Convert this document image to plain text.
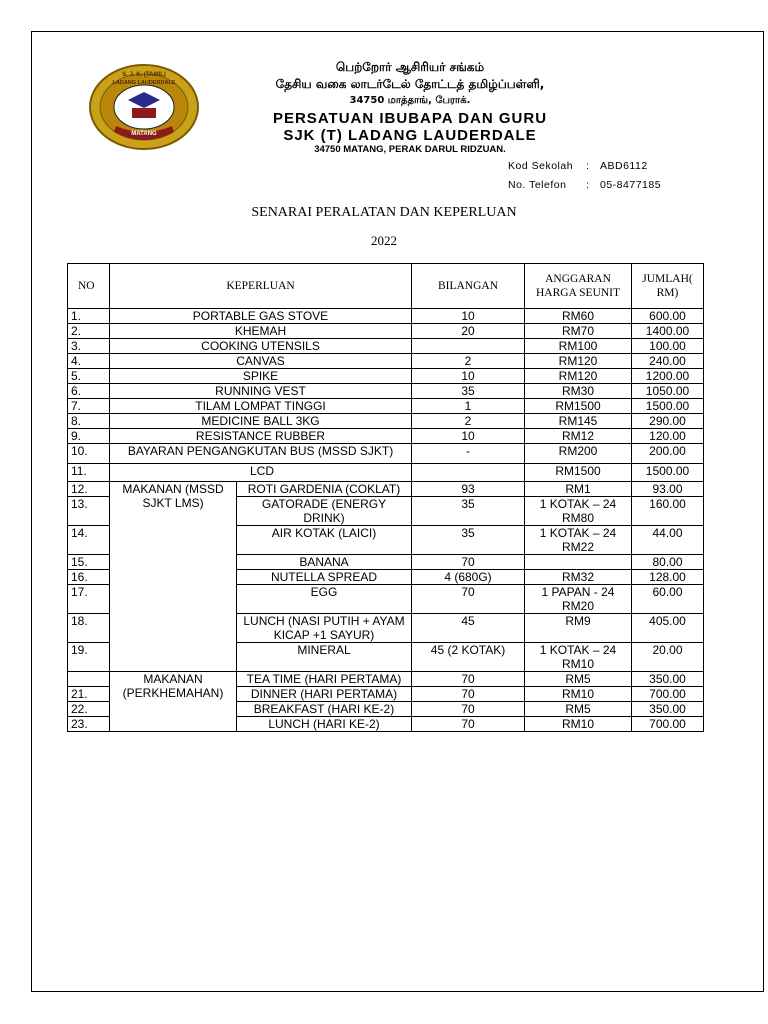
MATANG
S. J. K. (TAMIL)
LADANG LAUDERDALE
பெற்றோர் ஆசிரியர் சங்கம்
தேசிய வகை லாடர்டேல் தோட்டத் தமிழ்ப்பள்ளி,
34750 மாத்தாங், பேராக்.
PERSATUAN IBUBAPA DAN GURU
SJK (T) LADANG LAUDERDALE
34750 MATANG, PERAK DARUL RIDZUAN.
Kod Sekolah : ABD6112
No. Telefon : 05-8477185
SENARAI PERALATAN DAN KEPERLUAN
2022
NO	KEPERLUAN		BILANGAN	ANGGARAN HARGA SEUNIT	JUMLAH( RM)
1.	PORTABLE GAS STOVE		10	RM60	600.00
2.	KHEMAH		20	RM70	1400.00
3.	COOKING UTENSILS			RM100	100.00
4.	CANVAS		2	RM120	240.00
5.	SPIKE		10	RM120	1200.00
6.	RUNNING VEST		35	RM30	1050.00
7.	TILAM LOMPAT TINGGI		1	RM1500	1500.00
8.	MEDICINE BALL 3KG		2	RM145	290.00
9.	RESISTANCE RUBBER		10	RM12	120.00
10.	BAYARAN PENGANGKUTAN BUS (MSSD SJKT)		-	RM200	200.00
11.	LCD			RM1500	1500.00
12.	MAKANAN (MSSD SJKT LMS)	ROTI GARDENIA (COKLAT)	93	RM1	93.00
13.		GATORADE (ENERGY DRINK)	35	1 KOTAK – 24 RM80	160.00
14.		AIR KOTAK (LAICI)	35	1 KOTAK – 24 RM22	44.00
15.		BANANA	70		80.00
16.		NUTELLA SPREAD	4 (680G)	RM32	128.00
17.		EGG	70	1 PAPAN - 24 RM20	60.00
18.		LUNCH (NASI PUTIH + AYAM KICAP +1 SAYUR)	45	RM9	405.00
19.		MINERAL	45 (2 KOTAK)	1 KOTAK – 24 RM10	20.00
	MAKANAN (PERKHEMAHAN)	TEA TIME (HARI PERTAMA)	70	RM5	350.00
21.		DINNER (HARI PERTAMA)	70	RM10	700.00
22.		BREAKFAST (HARI KE-2)	70	RM5	350.00
23.		LUNCH (HARI KE-2)	70	RM10	700.00
